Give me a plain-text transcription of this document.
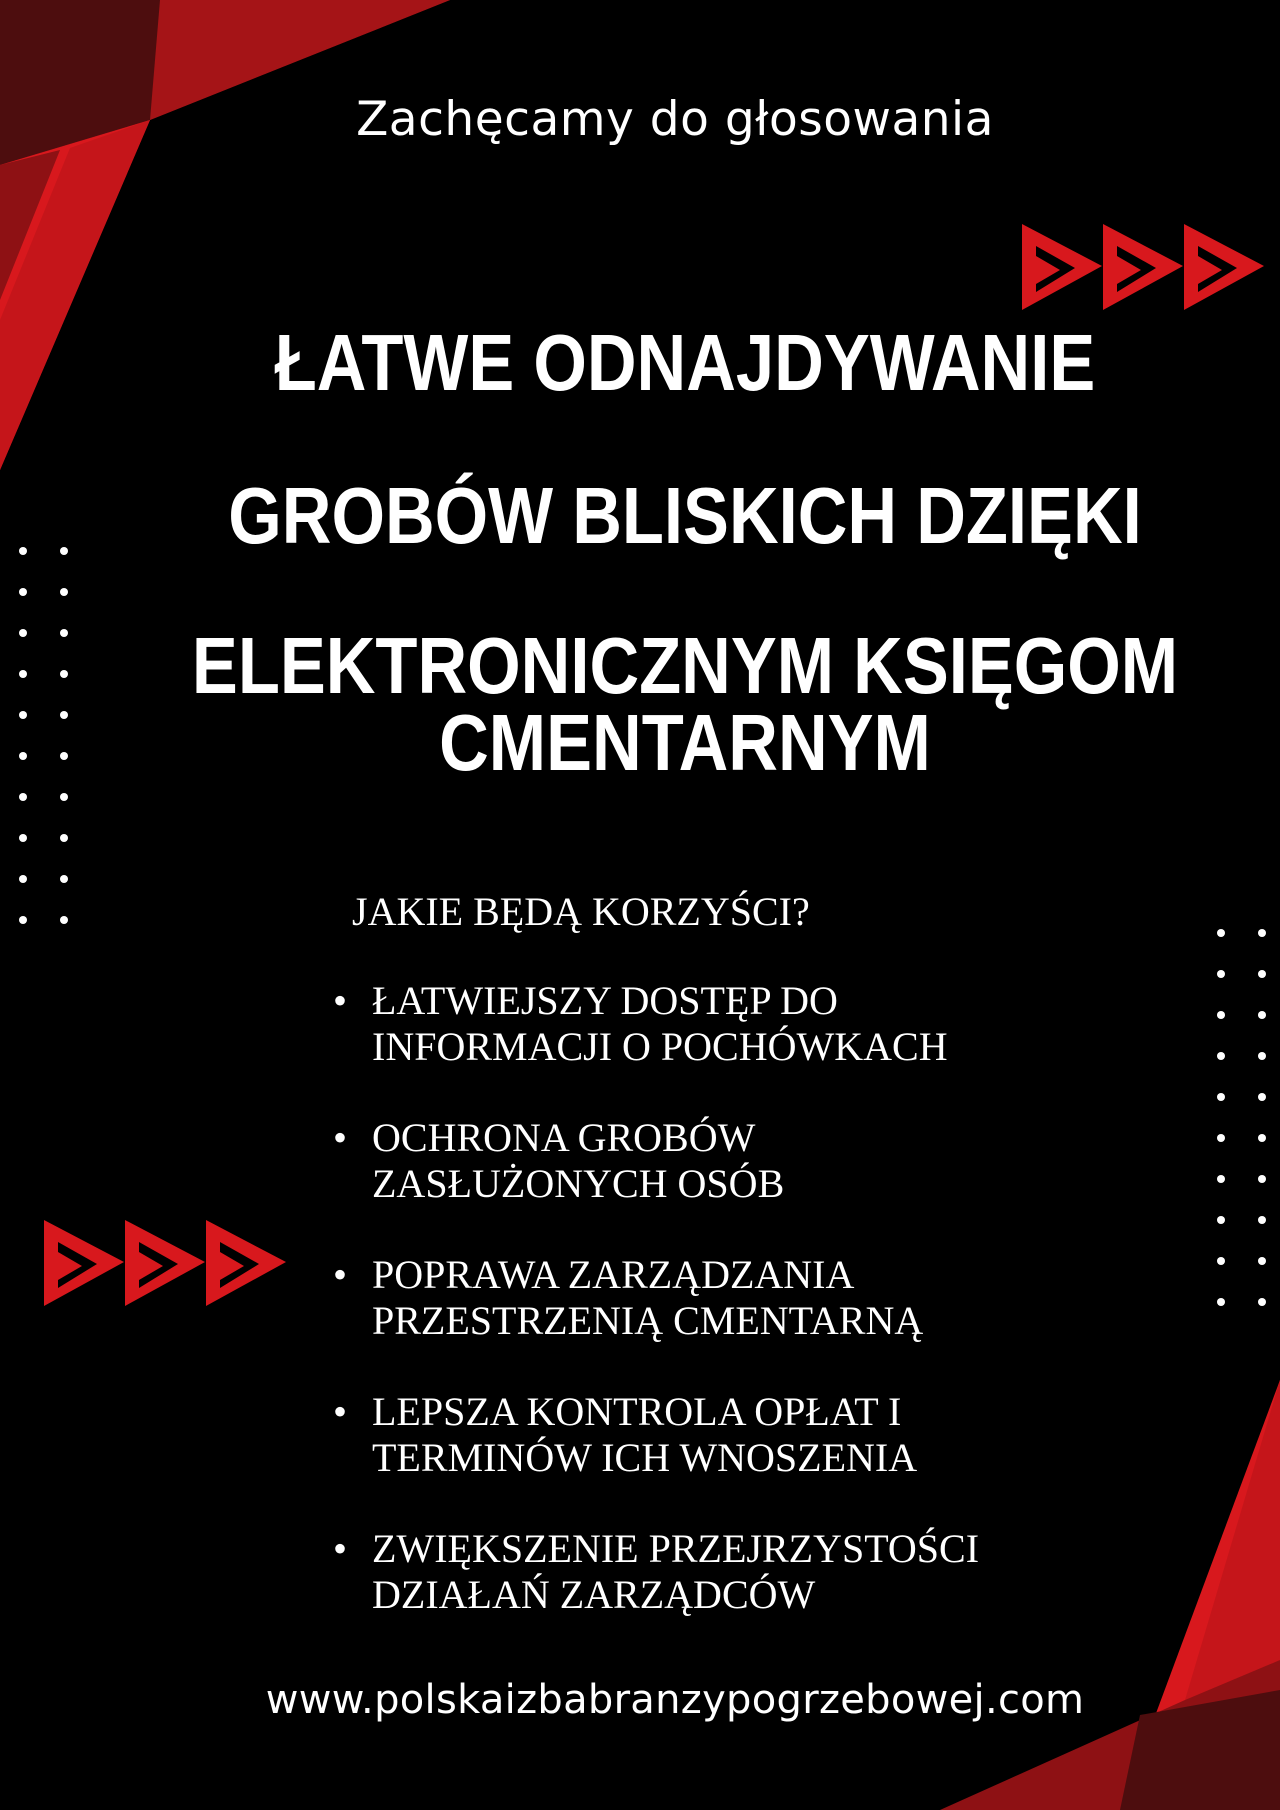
Zachęcamy do głosowania
ŁATWE ODNAJDYWANIE
GROBÓW BLISKICH DZIĘKI
ELEKTRONICZNYM KSIĘGOM
CMENTARNYM
JAKIE BĘDĄ KORZYŚCI?
• ŁATWIEJSZY DOSTĘP DO
INFORMACJI O POCHÓWKACH
• OCHRONA GROBÓW
ZASŁUŻONYCH OSÓB
• POPRAWA ZARZĄDZANIA
PRZESTRZENIĄ CMENTARNĄ
• LEPSZA KONTROLA OPŁAT I
TERMINÓW ICH WNOSZENIA
• ZWIĘKSZENIE PRZEJRZYSTOŚCI
DZIAŁAŃ ZARZĄDCÓW
www.polskaizbabranzypogrzebowej.com
